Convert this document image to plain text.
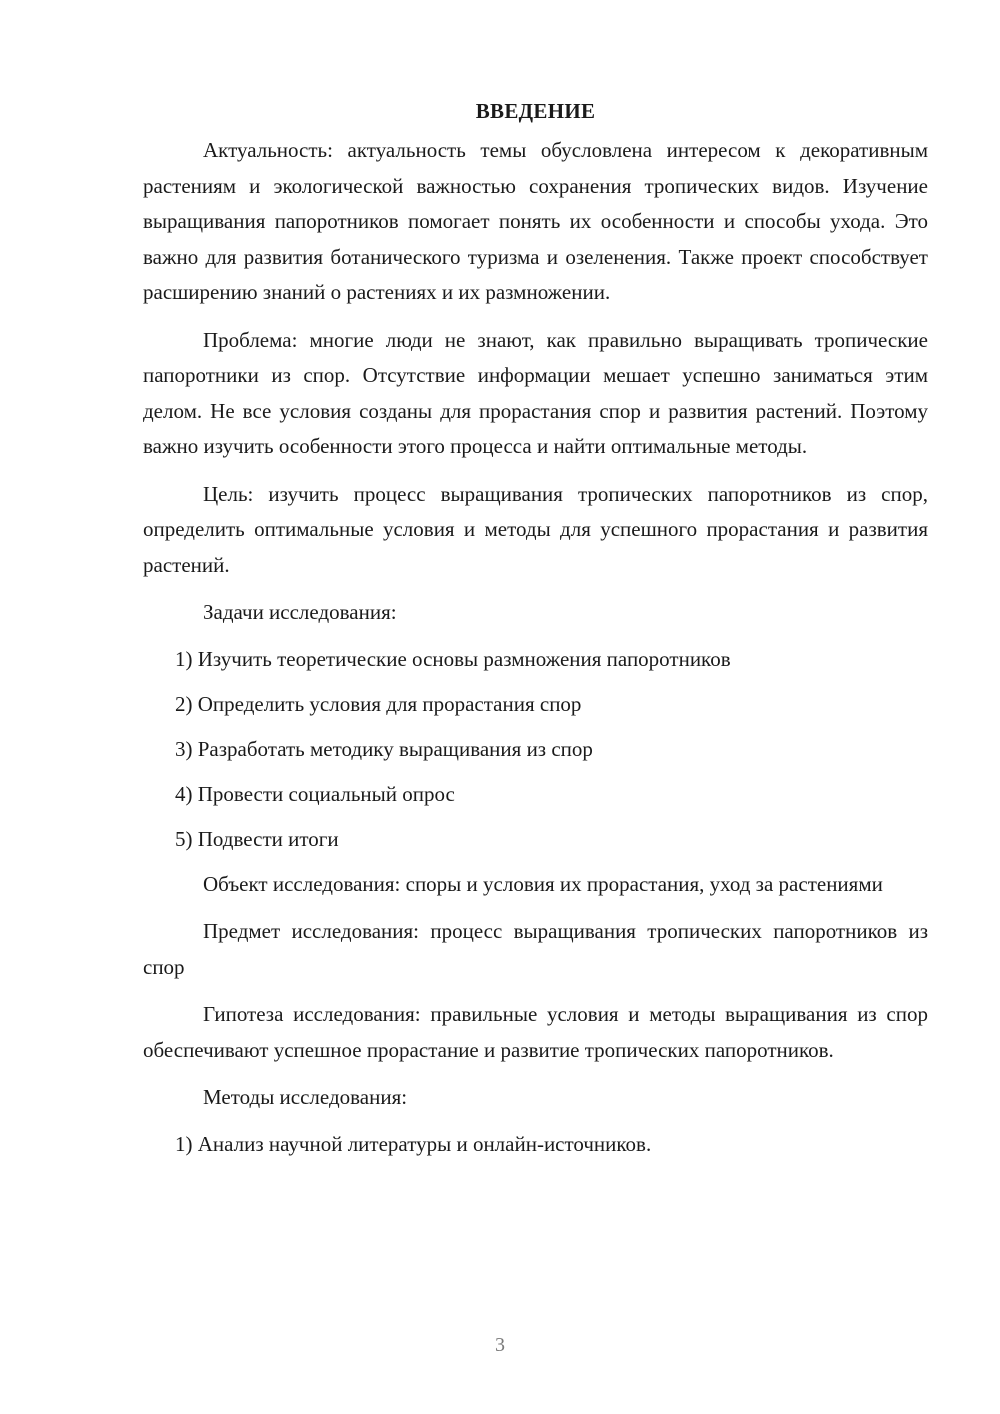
ВВЕДЕНИЕ

Актуальность: актуальность темы обусловлена интересом к декоративным растениям и экологической важностью сохранения тропических видов. Изучение выращивания папоротников помогает понять их особенности и способы ухода. Это важно для развития ботанического туризма и озеленения. Также проект способствует расширению знаний о растениях и их размножении.

Проблема: многие люди не знают, как правильно выращивать тропические папоротники из спор. Отсутствие информации мешает успешно заниматься этим делом. Не все условия созданы для прорастания спор и развития растений. Поэтому важно изучить особенности этого процесса и найти оптимальные методы.

Цель: изучить процесс выращивания тропических папоротников из спор, определить оптимальные условия и методы для успешного прорастания и развития растений.

Задачи исследования:

1) Изучить теоретические основы размножения папоротников
2) Определить условия для прорастания спор
3) Разработать методику выращивания из спор
4) Провести социальный опрос
5) Подвести итоги

Объект исследования: споры и условия их прорастания, уход за растениями

Предмет исследования: процесс выращивания тропических папоротников из спор

Гипотеза исследования: правильные условия и методы выращивания из спор обеспечивают успешное прорастание и развитие тропических папоротников.

Методы исследования:

1) Анализ научной литературы и онлайн-источников.
3
